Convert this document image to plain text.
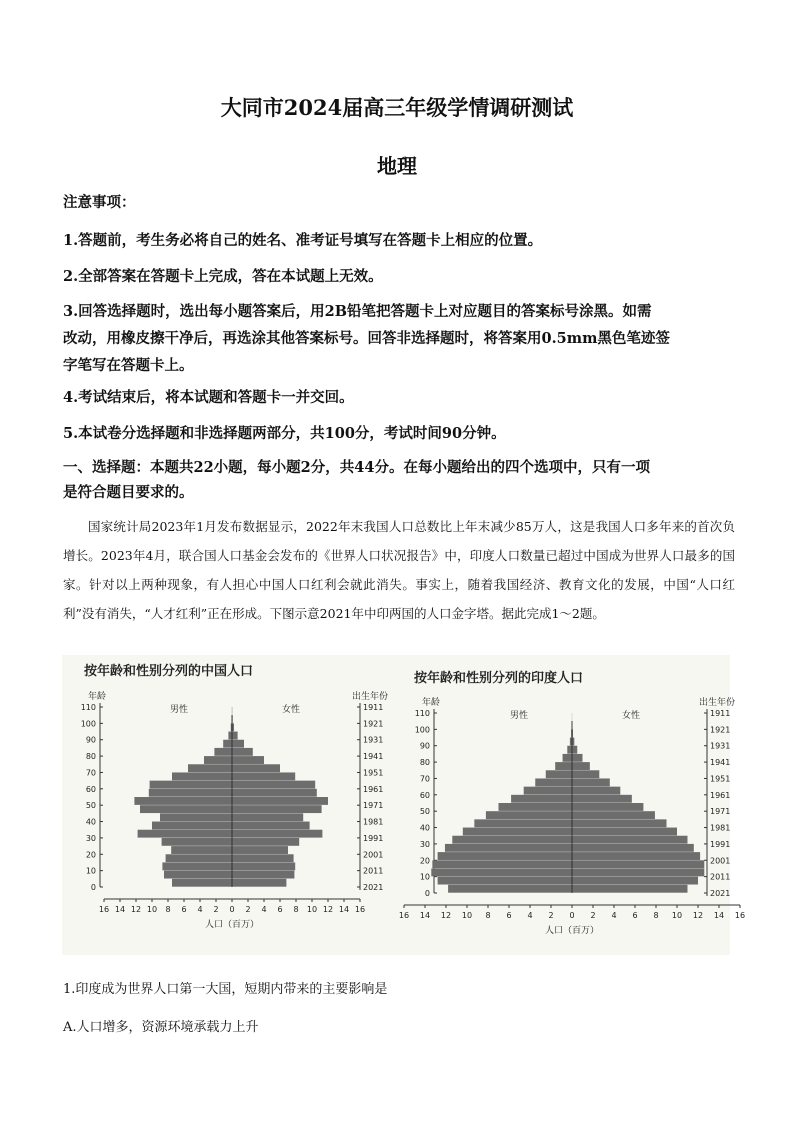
大同市2024届高三年级学情调研测试
地理
注意事项：
1.答题前，考生务必将自己的姓名、准考证号填写在答题卡上相应的位置。
2.全部答案在答题卡上完成，答在本试题上无效。
3.回答选择题时，选出每小题答案后，用2B铅笔把答题卡上对应题目的答案标号涂黑。如需
改动，用橡皮擦干净后，再选涂其他答案标号。回答非选择题时，将答案用0.5mm黑色笔迹签
字笔写在答题卡上。
4.考试结束后，将本试题和答题卡一并交回。
5.本试卷分选择题和非选择题两部分，共100分，考试时间90分钟。
一、选择题：本题共22小题，每小题2分，共44分。在每小题给出的四个选项中，只有一项
是符合题目要求的。
国家统计局2023年1月发布数据显示，2022年末我国人口总数比上年末减少85万人，这是我国人口多年来的首次负增长。2023年4月，联合国人口基金会发布的《世界人口状况报告》中，印度人口数量已超过中国成为世界人口最多的国家。针对以上两种现象，有人担心中国人口红利会就此消失。事实上，随着我国经济、教育文化的发展，中国“人口红利”没有消失，“人才红利”正在形成。下图示意2021年中印两国的人口金字塔。据此完成1～2题。
按年龄和性别分列的中国人口
年龄	出生年份
男性	女性
110
100
90
80
70
60
50
40
30
20
10
0
1911
1921
1931
1941
1951
1961
1971
1981
1991
2001
2011
2021
16 14 12 10 8 6 4 2 0 2 4 6 8 10 12 14 16
人口（百万）
按年龄和性别分列的印度人口
年龄	出生年份
男性	女性
110
100
90
80
70
60
50
40
30
20
10
0
1911
1921
1931
1941
1951
1961
1971
1981
1991
2001
2011
2021
16 14 12 10 8 6 4 2 0 2 4 6 8 10 12 14 16
人口（百万）
1.印度成为世界人口第一大国，短期内带来的主要影响是
A.人口增多，资源环境承载力上升
